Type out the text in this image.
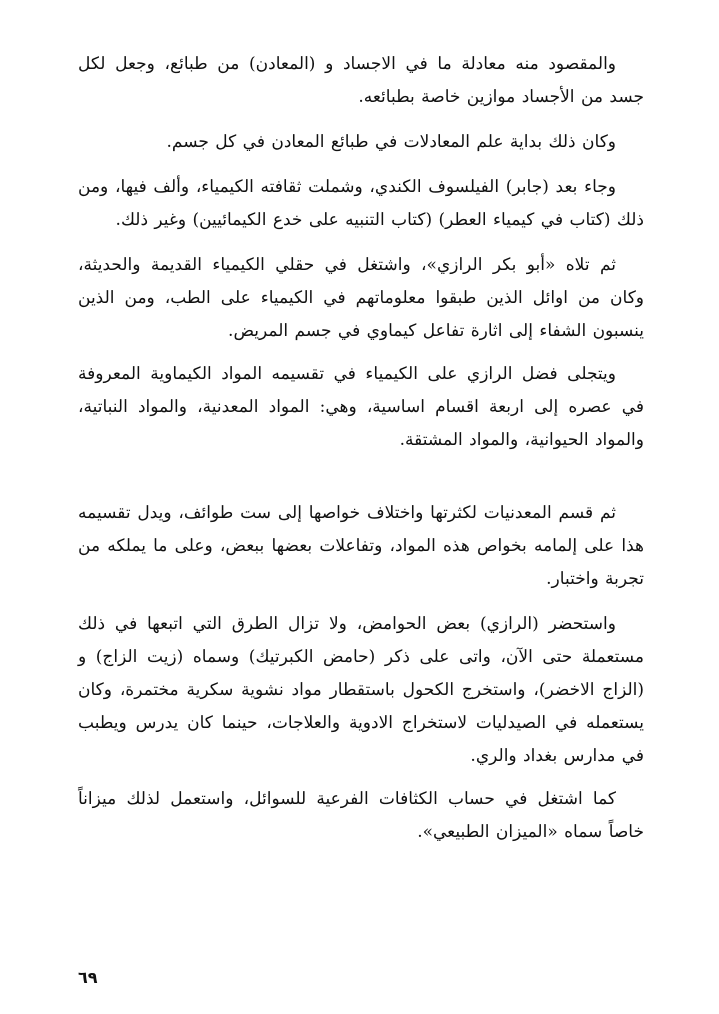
والمقصود منه معادلة ما في الاجساد و (المعادن) من طبائع، وجعل لكل جسد من الأجساد موازين خاصة بطبائعه.

وكان ذلك بداية علم المعادلات في طبائع المعادن في كل جسم.

وجاء بعد (جابر) الفيلسوف الكندي، وشملت ثقافته الكيمياء، وألف فيها، ومن ذلك (كتاب في كيمياء العطر) (كتاب التنبيه على خدع الكيمائيين) وغير ذلك.

ثم تلاه «أبو بكر الرازي»، واشتغل في حقلي الكيمياء القديمة والحديثة، وكان من اوائل الذين طبقوا معلوماتهم في الكيمياء على الطب، ومن الذين ينسبون الشفاء إلى اثارة تفاعل كيماوي في جسم المريض.

ويتجلى فضل الرازي على الكيمياء في تقسيمه المواد الكيماوية المعروفة في عصره إلى اربعة اقسام اساسية، وهي: المواد المعدنية، والمواد النباتية، والمواد الحيوانية، والمواد المشتقة.

ثم قسم المعدنيات لكثرتها واختلاف خواصها إلى ست طوائف، ويدل تقسيمه هذا على إلمامه بخواص هذه المواد، وتفاعلات بعضها ببعض، وعلى ما يملكه من تجربة واختبار.

واستحضر (الرازي) بعض الحوامض، ولا تزال الطرق التي اتبعها في ذلك مستعملة حتى الآن، واتى على ذكر (حامض الكبرتيك) وسماه (زيت الزاج) و (الزاج الاخضر)، واستخرج الكحول باستقطار مواد نشوية سكرية مختمرة، وكان يستعمله في الصيدليات لاستخراج الادوية والعلاجات، حينما كان يدرس ويطبب في مدارس بغداد والري.

كما اشتغل في حساب الكثافات الفرعية للسوائل، واستعمل لذلك ميزاناً خاصاً سماه «الميزان الطبيعي».

٦٩
